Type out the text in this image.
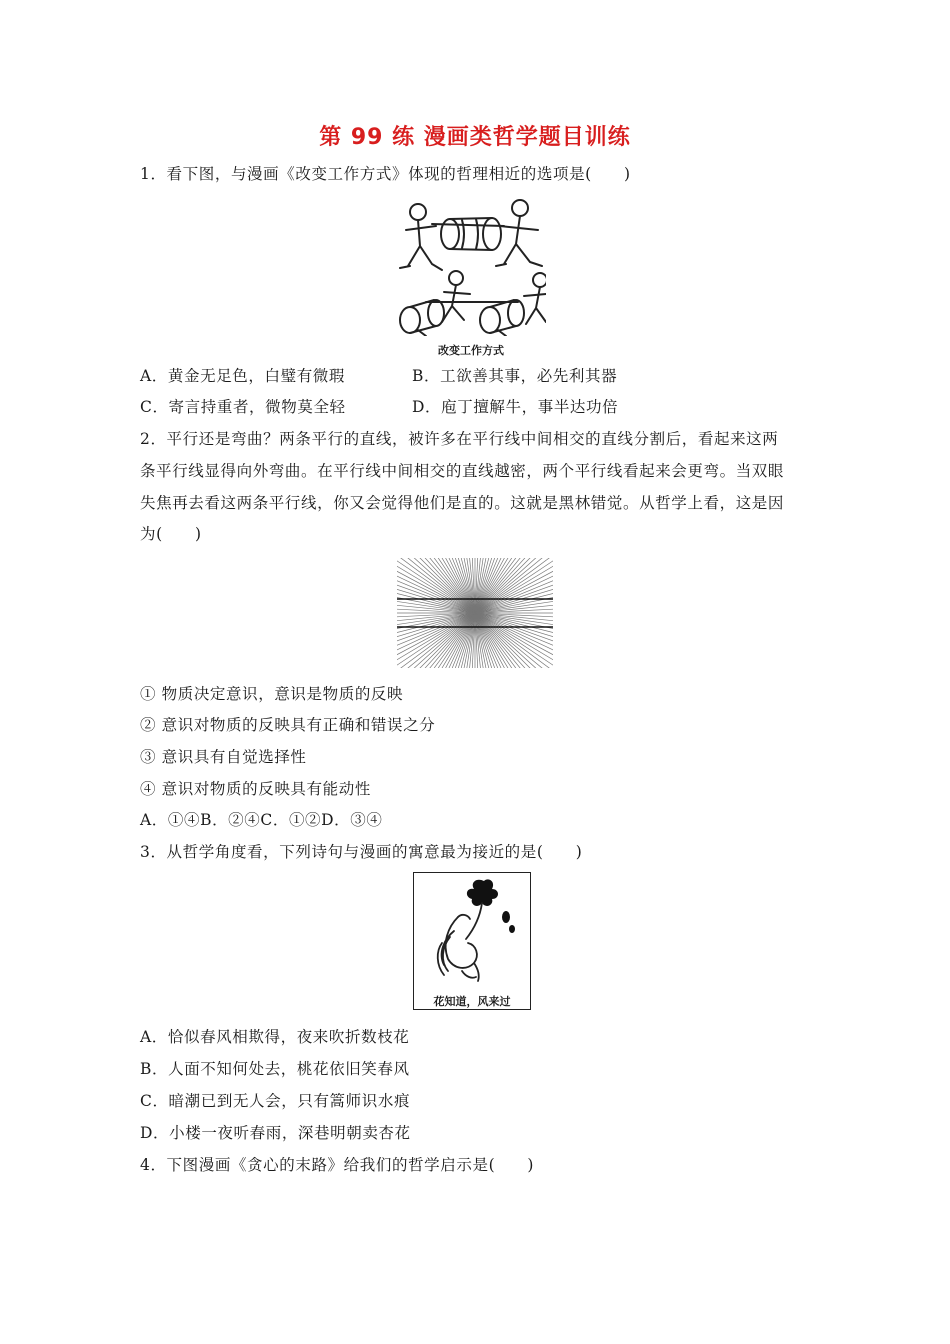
第 99 练 漫画类哲学题目训练
1．看下图，与漫画《改变工作方式》体现的哲理相近的选项是(　　)
改变工作方式
A．黄金无足色，白璧有微瑕	B．工欲善其事，必先利其器
C．寄言持重者，微物莫全轻	D．庖丁擅解牛，事半达功倍
2．平行还是弯曲？两条平行的直线，被许多在平行线中间相交的直线分割后，看起来这两
条平行线显得向外弯曲。在平行线中间相交的直线越密，两个平行线看起来会更弯。当双眼
失焦再去看这两条平行线，你又会觉得他们是直的。这就是黑林错觉。从哲学上看，这是因
为(　　)
① 物质决定意识，意识是物质的反映
② 意识对物质的反映具有正确和错误之分
③ 意识具有自觉选择性
④ 意识对物质的反映具有能动性
A．①④B．②④C．①②D．③④
3．从哲学角度看，下列诗句与漫画的寓意最为接近的是(　　)
花知道，风来过
A．恰似春风相欺得，夜来吹折数枝花
B．人面不知何处去，桃花依旧笑春风
C．暗潮已到无人会，只有篙师识水痕
D．小楼一夜听春雨，深巷明朝卖杏花
4．下图漫画《贪心的末路》给我们的哲学启示是(　　)
